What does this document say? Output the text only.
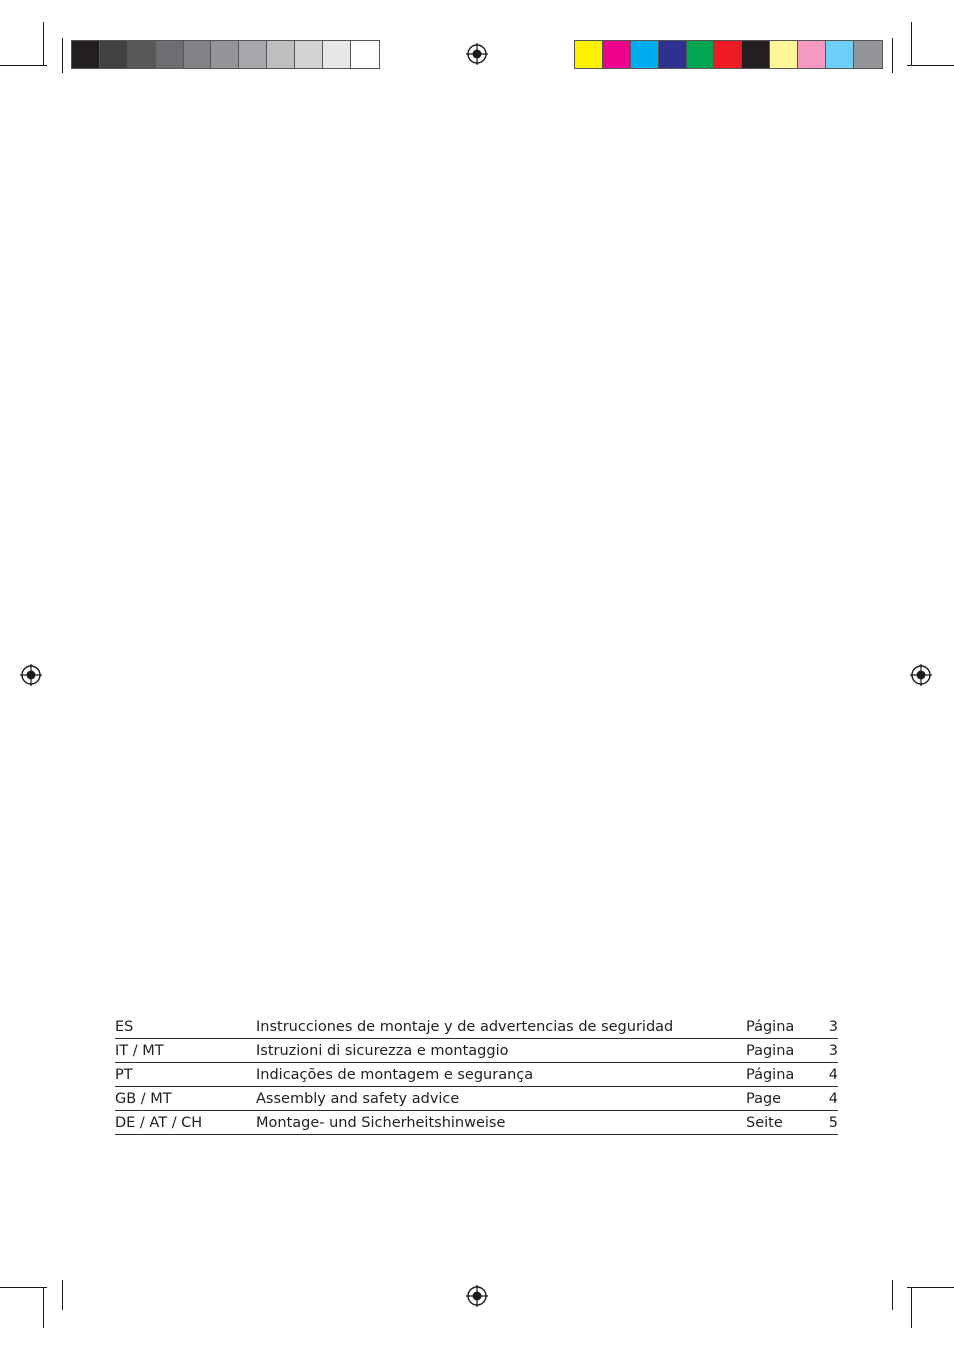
ES	Instrucciones de montaje y de advertencias de seguridad	Página	3
IT / MT	Istruzioni di sicurezza e montaggio	Pagina	3
PT	Indicações de montagem e segurança	Página	4
GB / MT	Assembly and safety advice	Page	4
DE / AT / CH	Montage- und Sicherheitshinweise	Seite	5
